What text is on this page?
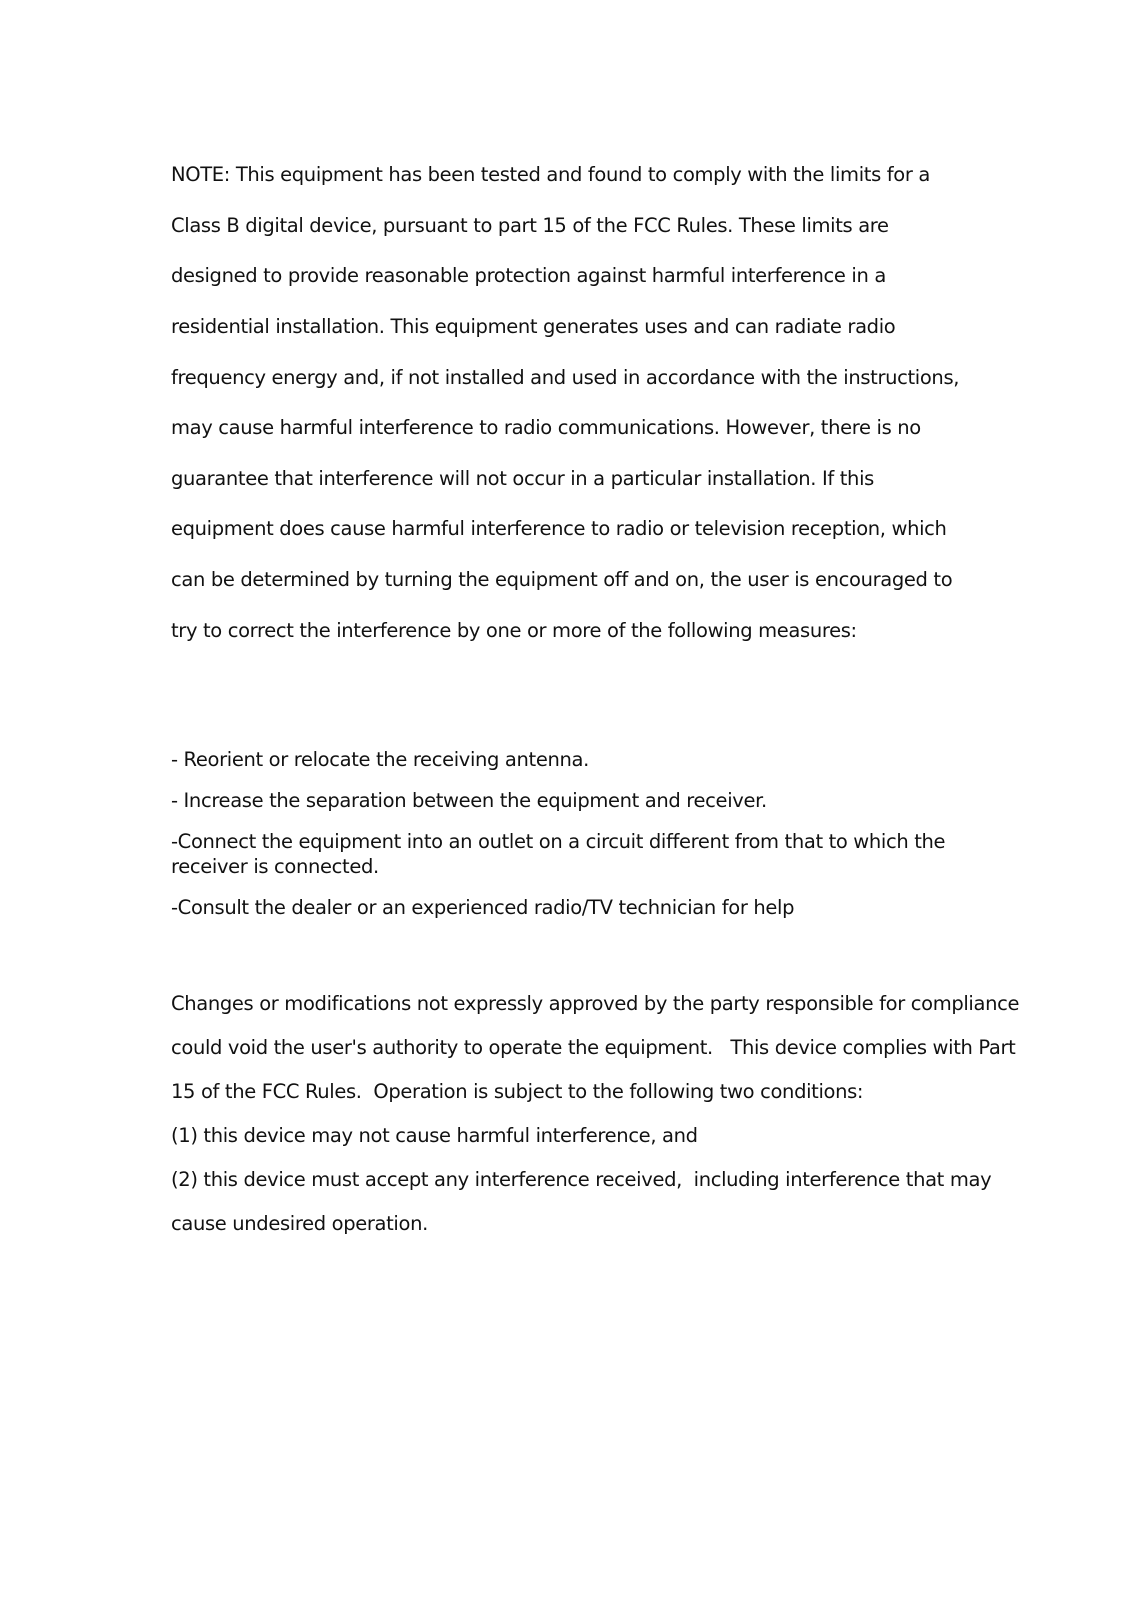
NOTE: This equipment has been tested and found to comply with the limits for a

Class B digital device, pursuant to part 15 of the FCC Rules. These limits are

designed to provide reasonable protection against harmful interference in a

residential installation. This equipment generates uses and can radiate radio

frequency energy and, if not installed and used in accordance with the instructions,

may cause harmful interference to radio communications. However, there is no

guarantee that interference will not occur in a particular installation. If this

equipment does cause harmful interference to radio or television reception, which

can be determined by turning the equipment off and on, the user is encouraged to

try to correct the interference by one or more of the following measures:

- Reorient or relocate the receiving antenna.

- Increase the separation between the equipment and receiver.

-Connect the equipment into an outlet on a circuit different from that to which the
receiver is connected.

-Consult the dealer or an experienced radio/TV technician for help

Changes or modifications not expressly approved by the party responsible for compliance

could void the user's authority to operate the equipment.   This device complies with Part

15 of the FCC Rules.  Operation is subject to the following two conditions:

(1) this device may not cause harmful interference, and

(2) this device must accept any interference received,  including interference that may

cause undesired operation.
